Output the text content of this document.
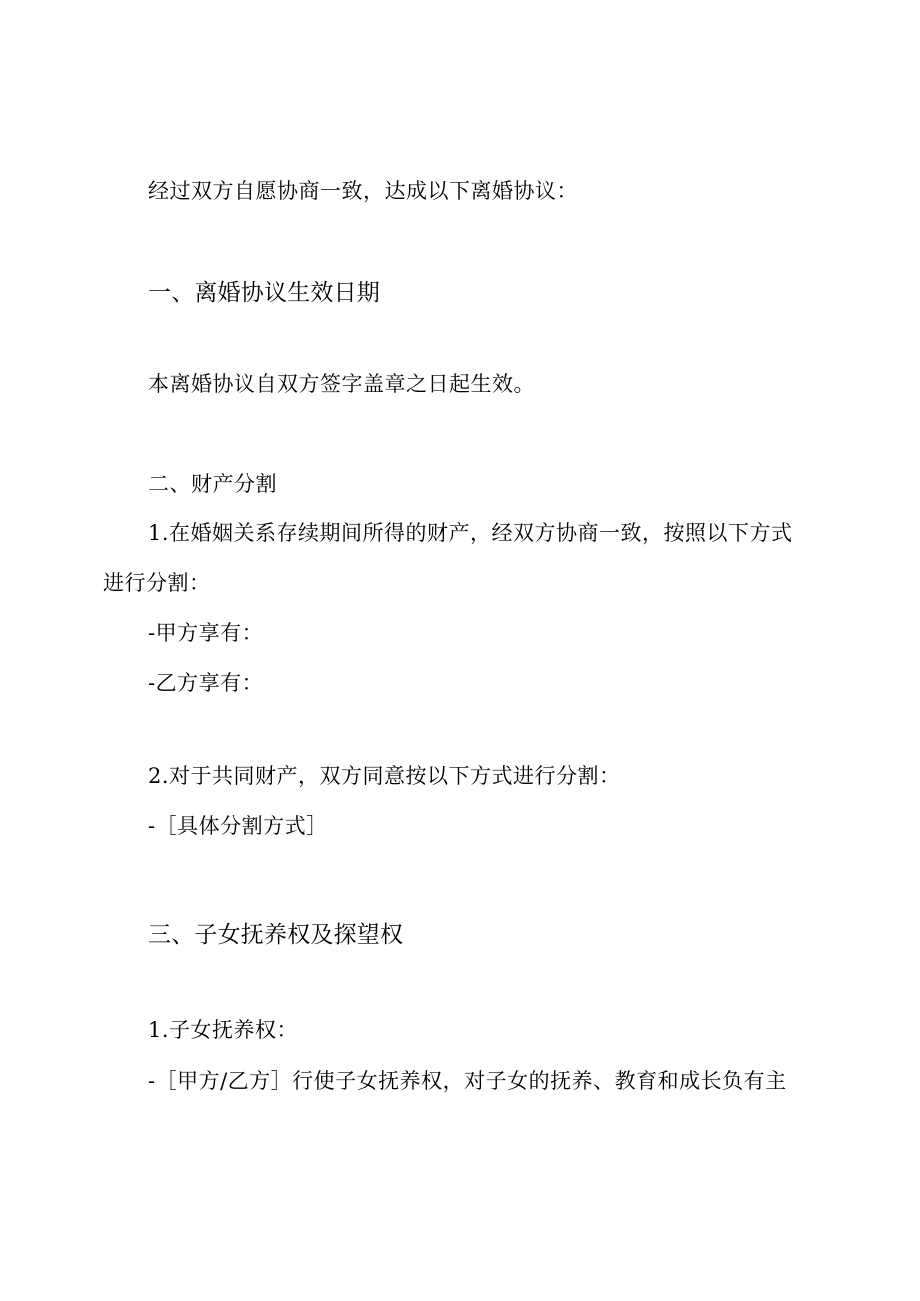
经过双方自愿协商一致，达成以下离婚协议：
一、离婚协议生效日期
本离婚协议自双方签字盖章之日起生效。
二、财产分割
1.在婚姻关系存续期间所得的财产，经双方协商一致，按照以下方式
进行分割：
-甲方享有：
-乙方享有：
2.对于共同财产，双方同意按以下方式进行分割：
-［具体分割方式］
三、子女抚养权及探望权
1.子女抚养权：
-［甲方/乙方］行使子女抚养权，对子女的抚养、教育和成长负有主
